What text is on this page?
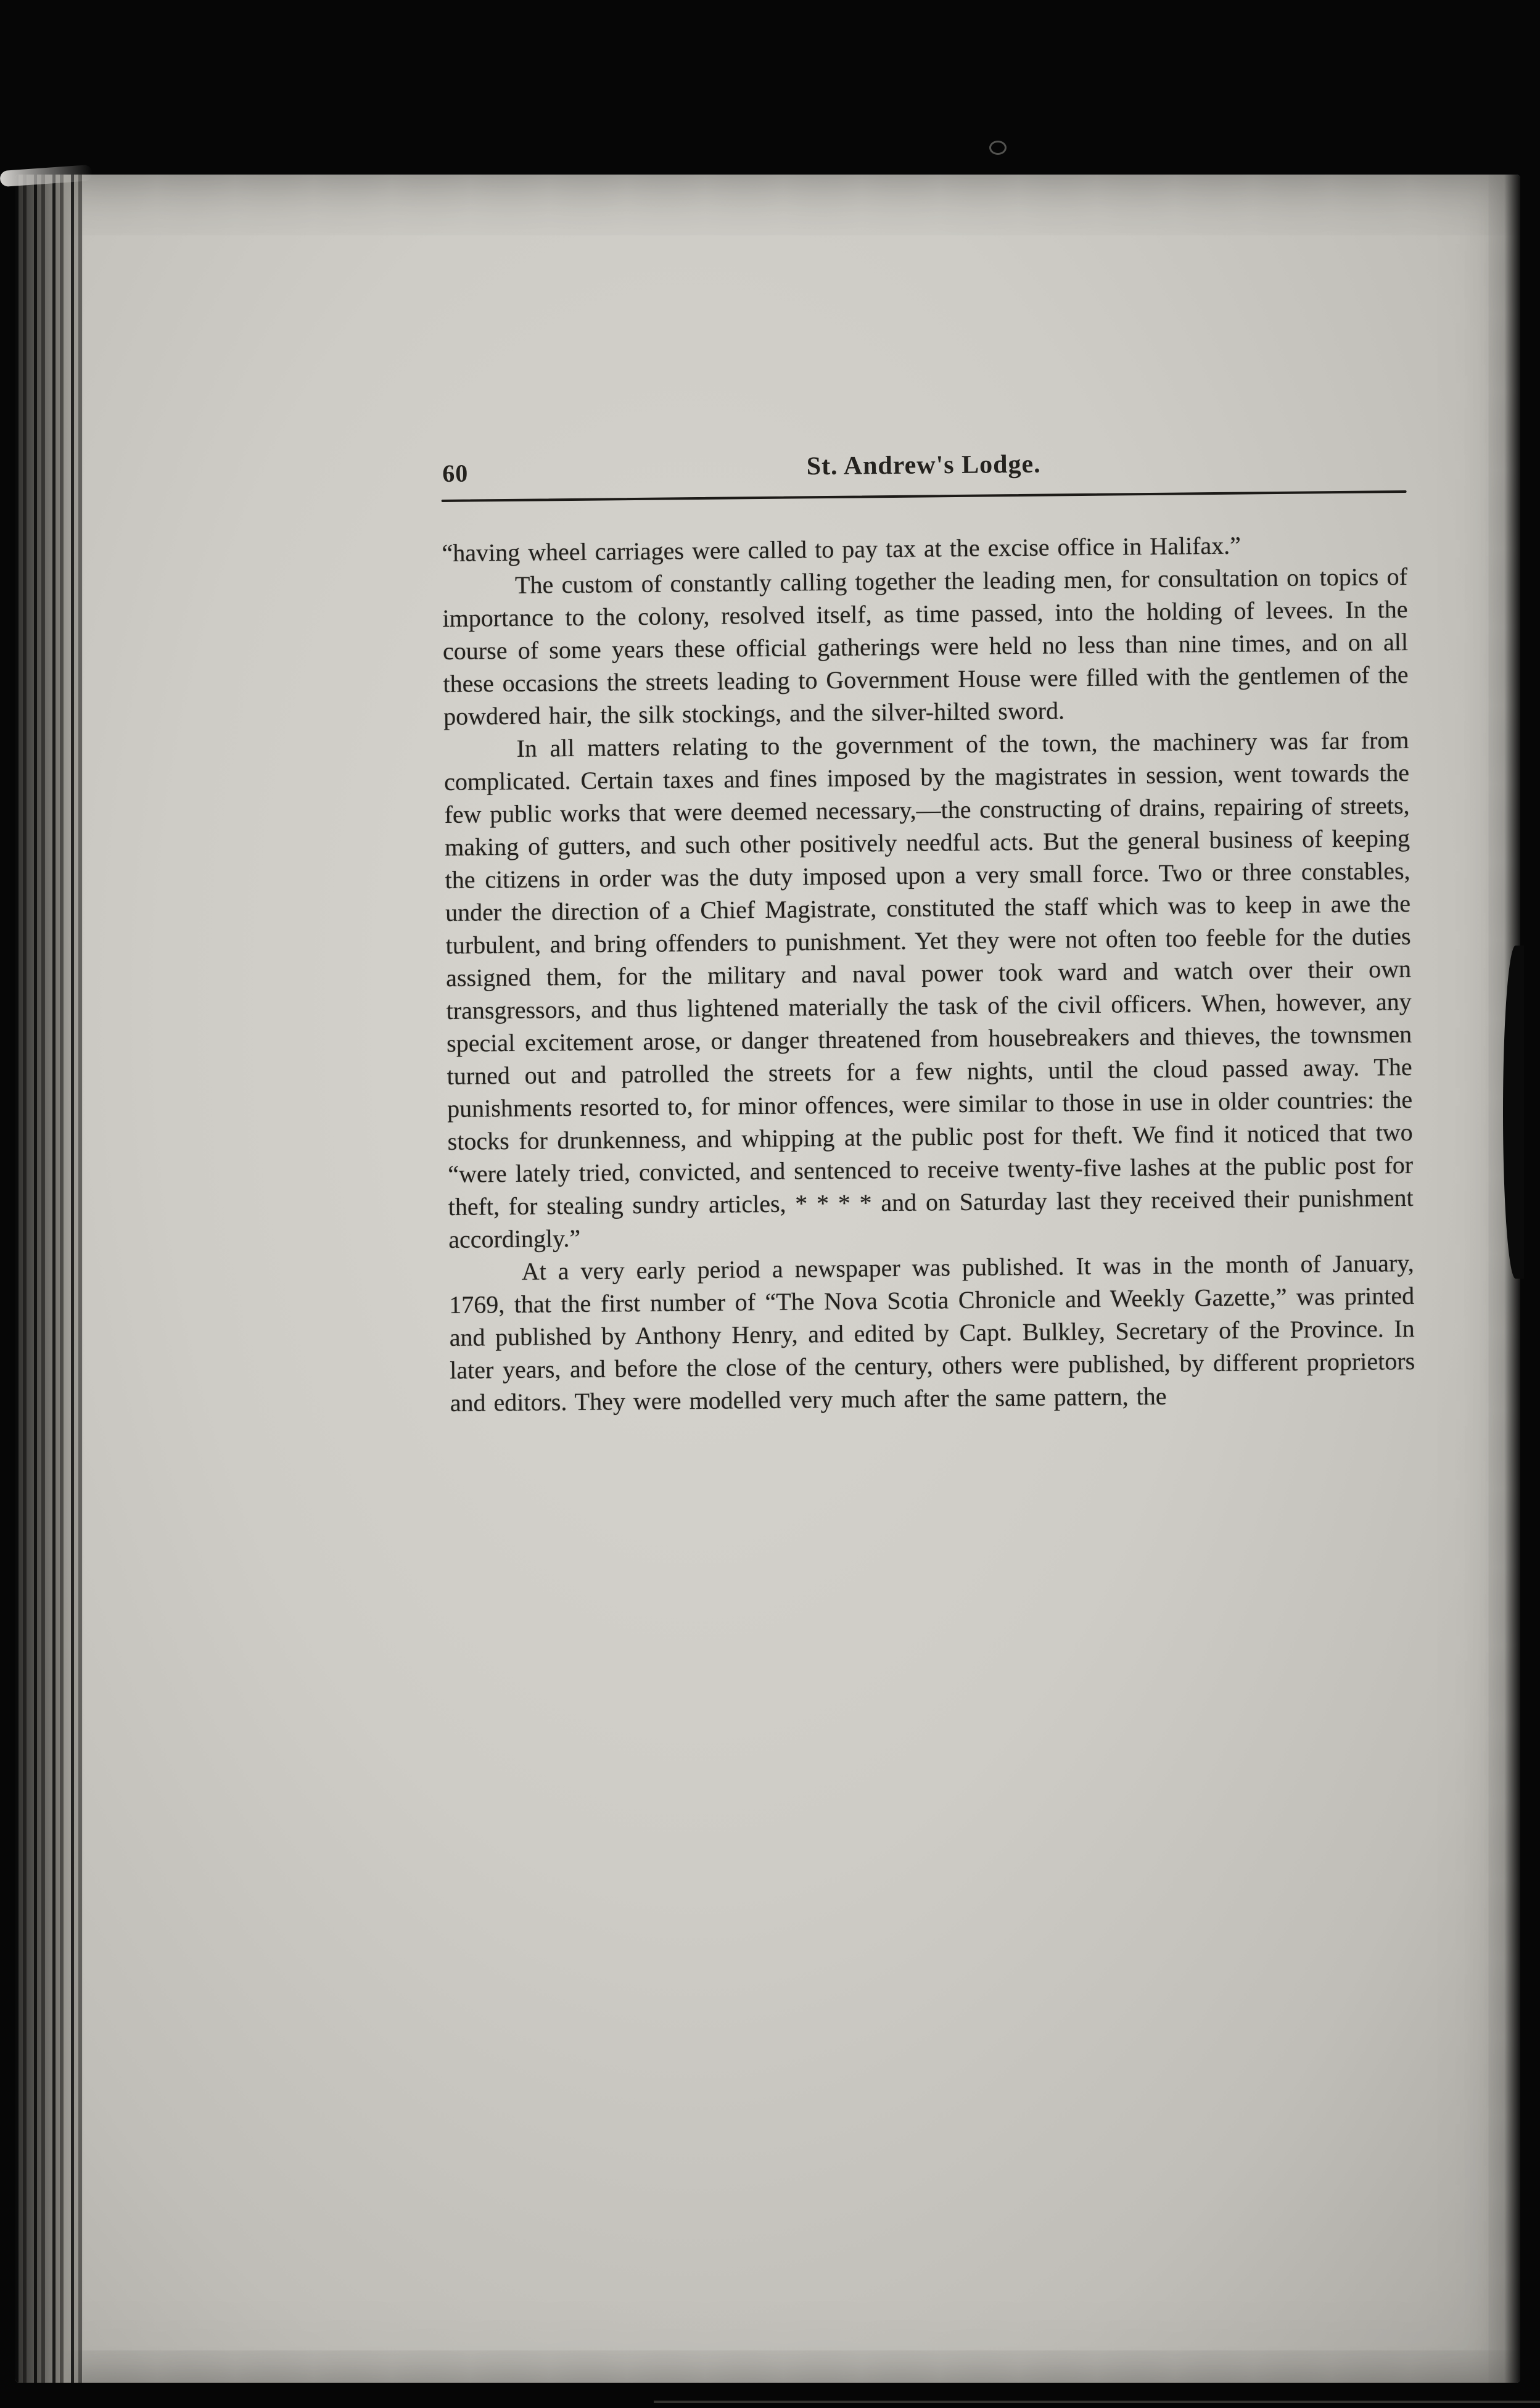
60	St. Andrew's Lodge.

“having wheel carriages were called to pay tax at the excise office in Halifax.”

The custom of constantly calling together the leading men, for consultation on topics of importance to the colony, resolved itself, as time passed, into the holding of levees. In the course of some years these official gatherings were held no less than nine times, and on all these occasions the streets leading to Government House were filled with the gentlemen of the powdered hair, the silk stockings, and the silver-hilted sword.

In all matters relating to the government of the town, the machinery was far from complicated. Certain taxes and fines imposed by the magistrates in session, went towards the few public works that were deemed necessary,—the constructing of drains, repairing of streets, making of gutters, and such other positively needful acts. But the general business of keeping the citizens in order was the duty imposed upon a very small force. Two or three constables, under the direction of a Chief Magistrate, constituted the staff which was to keep in awe the turbulent, and bring offenders to punishment. Yet they were not often too feeble for the duties assigned them, for the military and naval power took ward and watch over their own transgressors, and thus lightened materially the task of the civil officers. When, however, any special excitement arose, or danger threatened from housebreakers and thieves, the townsmen turned out and patrolled the streets for a few nights, until the cloud passed away. The punishments resorted to, for minor offences, were similar to those in use in older countries: the stocks for drunkenness, and whipping at the public post for theft. We find it noticed that two “were lately tried, convicted, and sentenced to receive twenty-five lashes at the public post for theft, for stealing sundry articles, * * * * and on Saturday last they received their punishment accordingly.”

At a very early period a newspaper was published. It was in the month of January, 1769, that the first number of “The Nova Scotia Chronicle and Weekly Gazette,” was printed and published by Anthony Henry, and edited by Capt. Bulkley, Secretary of the Province. In later years, and before the close of the century, others were published, by different proprietors and editors. They were modelled very much after the same pattern, the
